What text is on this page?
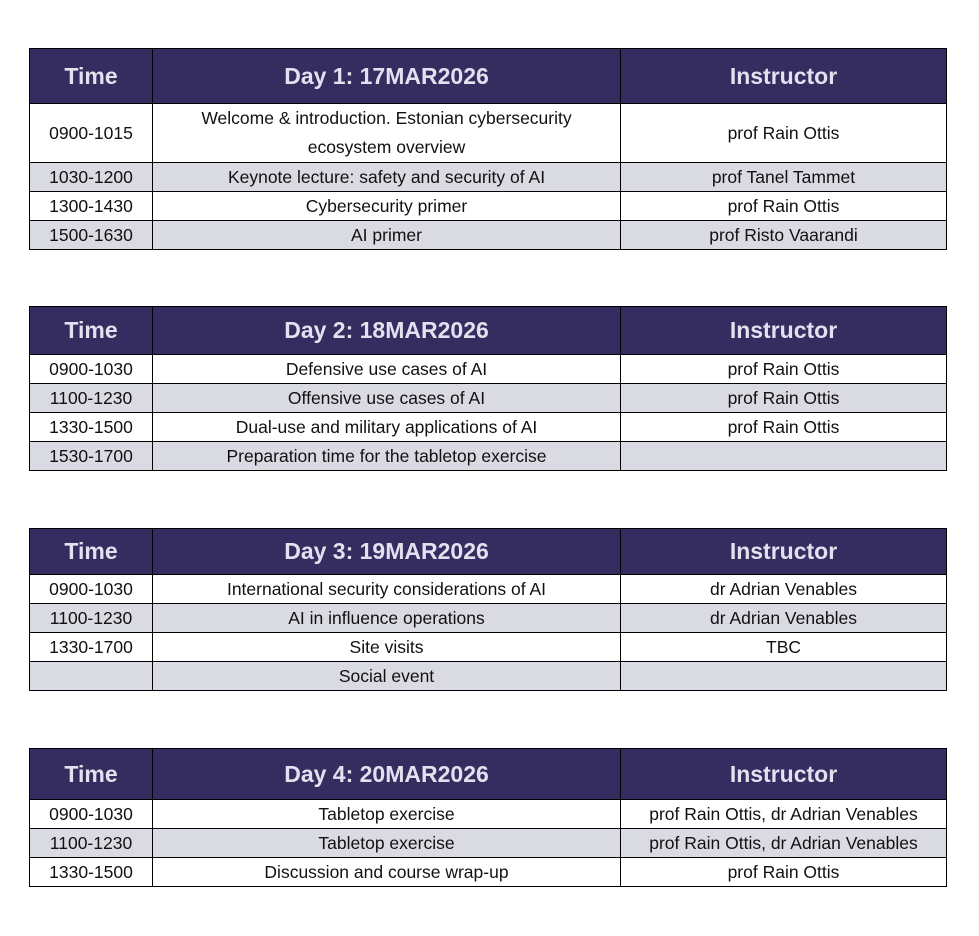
Time	Day 1: 17MAR2026	Instructor
0900-1015	Welcome & introduction. Estonian cybersecurity ecosystem overview	prof Rain Ottis
1030-1200	Keynote lecture: safety and security of AI	prof Tanel Tammet
1300-1430	Cybersecurity primer	prof Rain Ottis
1500-1630	AI primer	prof Risto Vaarandi
Time	Day 2: 18MAR2026	Instructor
0900-1030	Defensive use cases of AI	prof Rain Ottis
1100-1230	Offensive use cases of AI	prof Rain Ottis
1330-1500	Dual-use and military applications of AI	prof Rain Ottis
1530-1700	Preparation time for the tabletop exercise	
Time	Day 3: 19MAR2026	Instructor
0900-1030	International security considerations of AI	dr Adrian Venables
1100-1230	AI in influence operations	dr Adrian Venables
1330-1700	Site visits	TBC
	Social event	
Time	Day 4: 20MAR2026	Instructor
0900-1030	Tabletop exercise	prof Rain Ottis, dr Adrian Venables
1100-1230	Tabletop exercise	prof Rain Ottis, dr Adrian Venables
1330-1500	Discussion and course wrap-up	prof Rain Ottis
